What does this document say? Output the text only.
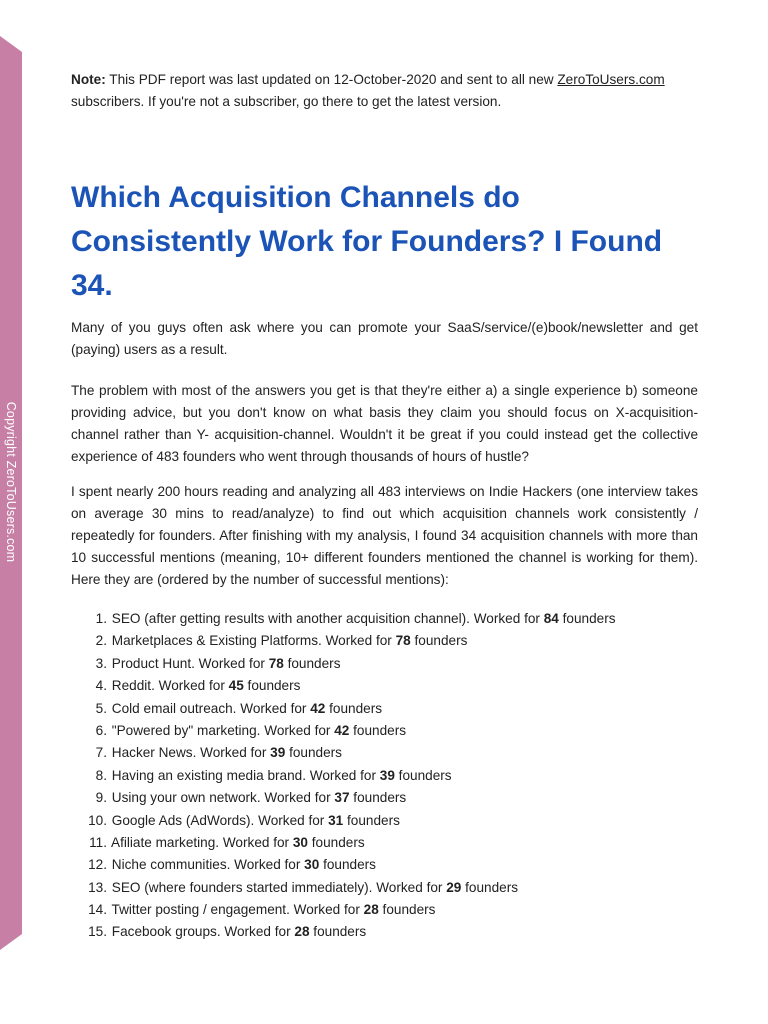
Copyright ZeroToUsers.com

Note: This PDF report was last updated on 12-October-2020 and sent to all new ZeroToUsers.com subscribers. If you're not a subscriber, go there to get the latest version.

Which Acquisition Channels do Consistently Work for Founders? I Found 34.

Many of you guys often ask where you can promote your SaaS/service/(e)book/newsletter and get (paying) users as a result.

The problem with most of the answers you get is that they're either a) a single experience b) someone providing advice, but you don't know on what basis they claim you should focus on X-acquisition-channel rather than Y- acquisition-channel. Wouldn't it be great if you could instead get the collective experience of 483 founders who went through thousands of hours of hustle?

I spent nearly 200 hours reading and analyzing all 483 interviews on Indie Hackers (one interview takes on average 30 mins to read/analyze) to find out which acquisition channels work consistently / repeatedly for founders. After finishing with my analysis, I found 34 acquisition channels with more than 10 successful mentions (meaning, 10+ different founders mentioned the channel is working for them). Here they are (ordered by the number of successful mentions):

1. SEO (after getting results with another acquisition channel). Worked for 84 founders
2. Marketplaces & Existing Platforms. Worked for 78 founders
3. Product Hunt. Worked for 78 founders
4. Reddit. Worked for 45 founders
5. Cold email outreach. Worked for 42 founders
6. "Powered by" marketing. Worked for 42 founders
7. Hacker News. Worked for 39 founders
8. Having an existing media brand. Worked for 39 founders
9. Using your own network. Worked for 37 founders
10. Google Ads (AdWords). Worked for 31 founders
11. Afiliate marketing. Worked for 30 founders
12. Niche communities. Worked for 30 founders
13. SEO (where founders started immediately). Worked for 29 founders
14. Twitter posting / engagement. Worked for 28 founders
15. Facebook groups. Worked for 28 founders
